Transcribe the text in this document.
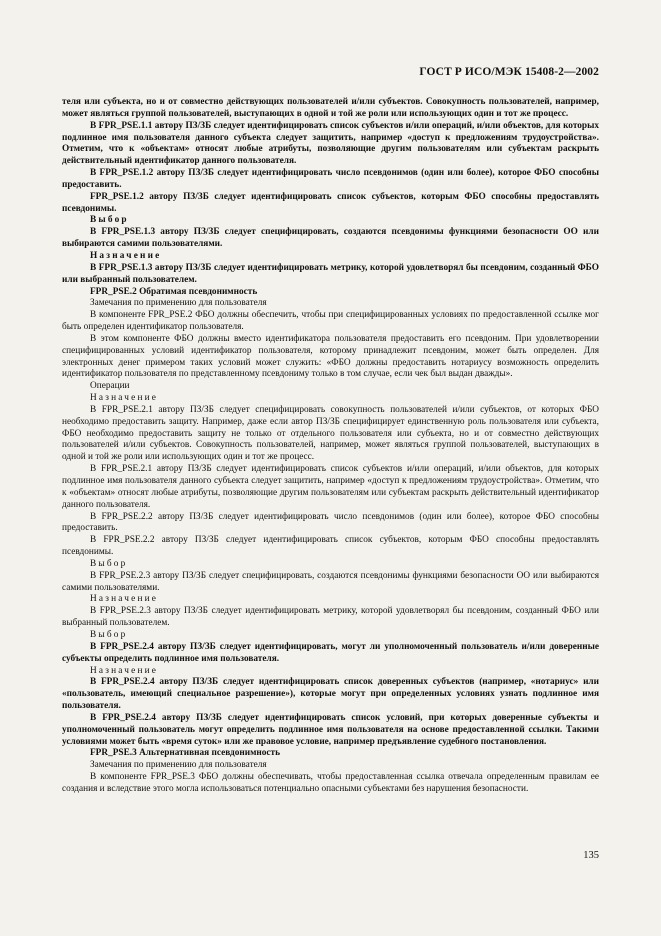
ГОСТ Р ИСО/МЭК 15408-2—2002

теля или субъекта, но и от совместно действующих пользователей и/или субъектов. Совокупность пользователей, например, может являться группой пользователей, выступающих в одной и той же роли или использующих один и тот же процесс.

В FPR_PSE.1.1 автору ПЗ/ЗБ следует идентифицировать список субъектов и/или операций, и/или объектов, для которых подлинное имя пользователя данного субъекта следует защитить, например «доступ к предложениям трудоустройства». Отметим, что к «объектам» относят любые атрибуты, позволяющие другим пользователям или субъектам раскрыть действительный идентификатор данного пользователя.

В FPR_PSE.1.2 автору ПЗ/ЗБ следует идентифицировать число псевдонимов (один или более), которое ФБО способны предоставить.

FPR_PSE.1.2 автору ПЗ/ЗБ следует идентифицировать список субъектов, которым ФБО способны предоставлять псевдонимы.

Выбор

В FPR_PSE.1.3 автору ПЗ/ЗБ следует специфицировать, создаются псевдонимы функциями безопасности ОО или выбираются самими пользователями.

Назначение

В FPR_PSE.1.3 автору ПЗ/ЗБ следует идентифицировать метрику, которой удовлетворял бы псевдоним, созданный ФБО или выбранный пользователем.

FPR_PSE.2 Обратимая псевдонимность

Замечания по применению для пользователя

В компоненте FPR_PSE.2 ФБО должны обеспечить, чтобы при специфицированных условиях по предоставленной ссылке мог быть определен идентификатор пользователя.

В этом компоненте ФБО должны вместо идентификатора пользователя предоставить его псевдоним. При удовлетворении специфицированных условий идентификатор пользователя, которому принадлежит псевдоним, может быть определен. Для электронных денег примером таких условий может служить: «ФБО должны предоставить нотариусу возможность определить идентификатор пользователя по представленному псевдониму только в том случае, если чек был выдан дважды».

Операции

Назначение

В FPR_PSE.2.1 автору ПЗ/ЗБ следует специфицировать совокупность пользователей и/или субъектов, от которых ФБО необходимо предоставить защиту. Например, даже если автор ПЗ/ЗБ специфицирует единственную роль пользователя или субъекта, ФБО необходимо предоставить защиту не только от отдельного пользователя или субъекта, но и от совместно действующих пользователей и/или субъектов. Совокупность пользователей, например, может являться группой пользователей, выступающих в одной и той же роли или использующих один и тот же процесс.

В FPR_PSE.2.1 автору ПЗ/ЗБ следует идентифицировать список субъектов и/или операций, и/или объектов, для которых подлинное имя пользователя данного субъекта следует защитить, например «доступ к предложениям трудоустройства». Отметим, что к «объектам» относят любые атрибуты, позволяющие другим пользователям или субъектам раскрыть действительный идентификатор данного пользователя.

В FPR_PSE.2.2 автору ПЗ/ЗБ следует идентифицировать число псевдонимов (один или более), которое ФБО способны предоставить.

В FPR_PSE.2.2 автору ПЗ/ЗБ следует идентифицировать список субъектов, которым ФБО способны предоставлять псевдонимы.

Выбор

В FPR_PSE.2.3 автору ПЗ/ЗБ следует специфицировать, создаются псевдонимы функциями безопасности ОО или выбираются самими пользователями.

Назначение

В FPR_PSE.2.3 автору ПЗ/ЗБ следует идентифицировать метрику, которой удовлетворял бы псевдоним, созданный ФБО или выбранный пользователем.

Выбор

В FPR_PSE.2.4 автору ПЗ/ЗБ следует идентифицировать, могут ли уполномоченный пользователь и/или доверенные субъекты определить подлинное имя пользователя.

Назначение

В FPR_PSE.2.4 автору ПЗ/ЗБ следует идентифицировать список доверенных субъектов (например, «нотариус» или «пользователь, имеющий специальное разрешение»), которые могут при определенных условиях узнать подлинное имя пользователя.

В FPR_PSE.2.4 автору ПЗ/ЗБ следует идентифицировать список условий, при которых доверенные субъекты и уполномоченный пользователь могут определить подлинное имя пользователя на основе предоставленной ссылки. Такими условиями может быть «время суток» или же правовое условие, например предъявление судебного постановления.

FPR_PSE.3 Альтернативная псевдонимность

Замечания по применению для пользователя

В компоненте FPR_PSE.3 ФБО должны обеспечивать, чтобы предоставленная ссылка отвечала определенным правилам ее создания и вследствие этого могла использоваться потенциально опасными субъектами без нарушения безопасности.

135
